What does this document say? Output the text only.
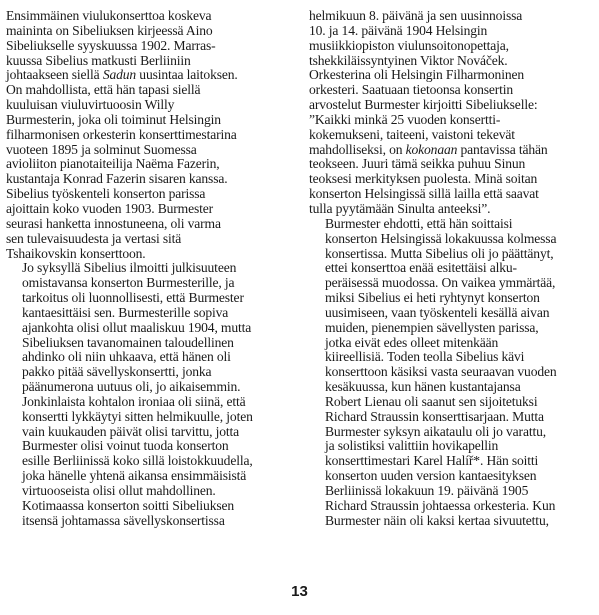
Ensimmäinen viulukonserttoa koskeva
maininta on Sibeliuksen kirjeessä Aino
Sibeliukselle syyskuussa 1902. Marras-
kuussa Sibelius matkusti Berliiniin
johtaakseen siellä Sadun uusintaa laitoksen.
On mahdollista, että hän tapasi siellä
kuuluisan viuluvirtuoosin Willy
Burmesterin, joka oli toiminut Helsingin
filharmonisen orkesterin konserttimestarina
vuoteen 1895 ja solminut Suomessa
avioliiton pianotaiteilija Naëma Fazerin,
kustantaja Konrad Fazerin sisaren kanssa.
Sibelius työskenteli konserton parissa
ajoittain koko vuoden 1903. Burmester
seurasi hanketta innostuneena, oli varma
sen tulevaisuudesta ja vertasi sitä
Tshaikovskin konserttoon.

Jo syksyllä Sibelius ilmoitti julkisuuteen
omistavansa konserton Burmesterille, ja
tarkoitus oli luonnollisesti, että Burmester
kantaesittäisi sen. Burmesterille sopiva
ajankohta olisi ollut maaliskuu 1904, mutta
Sibeliuksen tavanomainen taloudellinen
ahdinko oli niin uhkaava, että hänen oli
pakko pitää sävellyskonsertti, jonka
päänumerona uutuus oli, jo aikaisemmin.
Jonkinlaista kohtalon ironiaa oli siinä, että
konsertti lykkäytyi sitten helmikuulle, joten
vain kuukauden päivät olisi tarvittu, jotta
Burmester olisi voinut tuoda konserton
esille Berliinissä koko sillä loistokkuudella,
joka hänelle yhtenä aikansa ensimmäisistä
virtuooseista olisi ollut mahdollinen.
Kotimaassa konserton soitti Sibeliuksen
itsensä johtamassa sävellyskonsertissa

helmikuun 8. päivänä ja sen uusinnoissa
10. ja 14. päivänä 1904 Helsingin
musiikkiopiston viulunsoitonopettaja,
tshekkiläissyntyinen Viktor Nováček.
Orkesterina oli Helsingin Filharmoninen
orkesteri. Saatuaan tietoonsa konsertin
arvostelut Burmester kirjoitti Sibeliukselle:
”Kaikki minkä 25 vuoden konsertti-
kokemukseni, taiteeni, vaistoni tekevät
mahdolliseksi, on kokonaan pantavissa tähän
teokseen. Juuri tämä seikka puhuu Sinun
teoksesi merkityksen puolesta. Minä soitan
konserton Helsingissä sillä lailla että saavat
tulla pyytämään Sinulta anteeksi”.

Burmester ehdotti, että hän soittaisi
konserton Helsingissä lokakuussa kolmessa
konsertissa. Mutta Sibelius oli jo päättänyt,
ettei konserttoa enää esitettäisi alku-
peräisessä muodossa. On vaikea ymmärtää,
miksi Sibelius ei heti ryhtynyt konserton
uusimiseen, vaan työskenteli kesällä aivan
muiden, pienempien sävellysten parissa,
jotka eivät edes olleet mitenkään
kiireellisiä. Toden teolla Sibelius kävi
konserttoon käsiksi vasta seuraavan vuoden
kesäkuussa, kun hänen kustantajansa
Robert Lienau oli saanut sen sijoitetuksi
Richard Straussin konserttisarjaan. Mutta
Burmester syksyn aikataulu oli jo varattu,
ja solistiksi valittiin hovikapellin
konserttimestari Karel Halíř*. Hän soitti
konserton uuden version kantaesityksen
Berliinissä lokakuun 19. päivänä 1905
Richard Straussin johtaessa orkesteria. Kun
Burmester näin oli kaksi kertaa sivuutettu,

13
